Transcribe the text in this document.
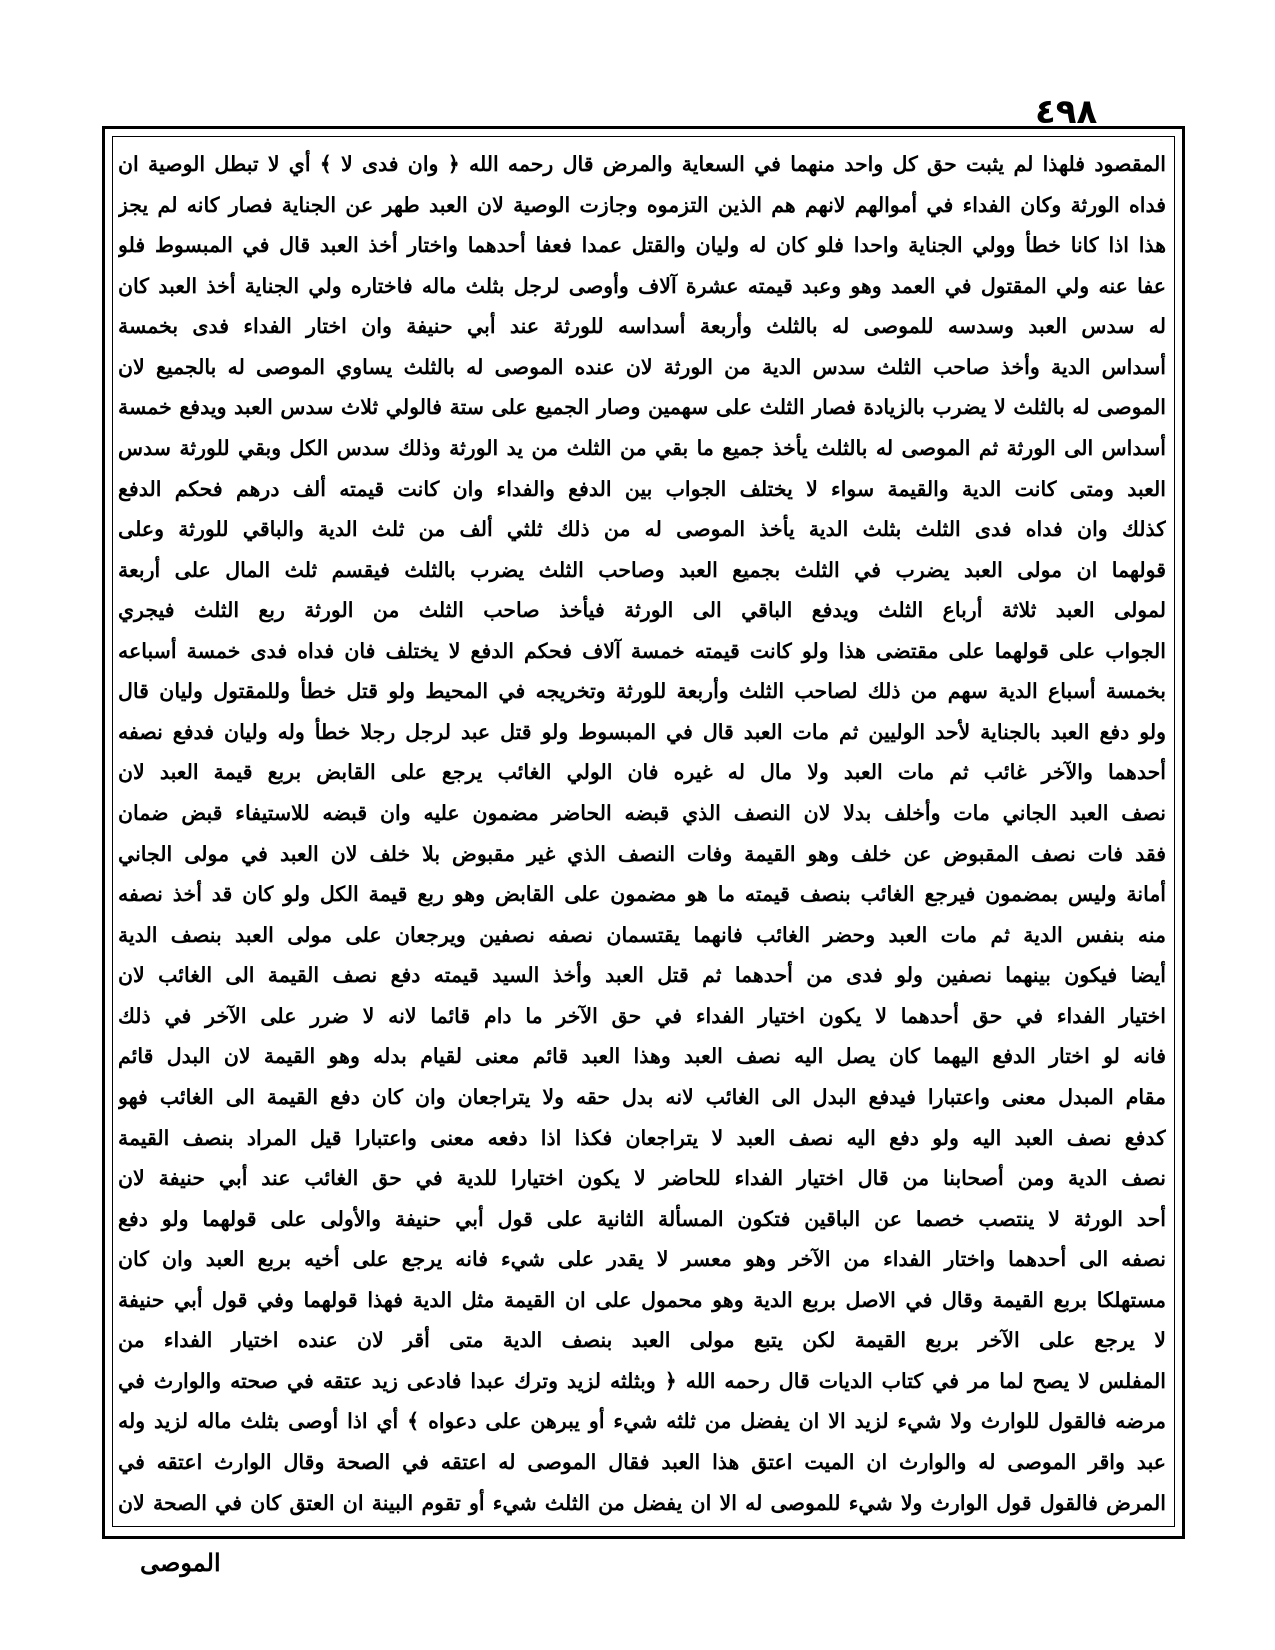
٤٩٨
المقصود فلهذا لم يثبت حق كل واحد منهما في السعاية والمرض قال رحمه الله ﴿ وان فدى لا ﴾ أي لا تبطل الوصية ان
فداه الورثة وكان الفداء في أموالهم لانهم هم الذين التزموه وجازت الوصية لان العبد طهر عن الجناية فصار كانه لم يجز
هذا اذا كانا خطأ وولي الجناية واحدا فلو كان له وليان والقتل عمدا فعفا أحدهما واختار أخذ العبد قال في المبسوط فلو
عفا عنه ولي المقتول في العمد وهو وعبد قيمته عشرة آلاف وأوصى لرجل بثلث ماله فاختاره ولي الجناية أخذ العبد كان
له سدس العبد وسدسه للموصى له بالثلث وأربعة أسداسه للورثة عند أبي حنيفة وان اختار الفداء فدى بخمسة
أسداس الدية وأخذ صاحب الثلث سدس الدية من الورثة لان عنده الموصى له بالثلث يساوي الموصى له بالجميع لان
الموصى له بالثلث لا يضرب بالزيادة فصار الثلث على سهمين وصار الجميع على ستة فالولي ثلاث سدس العبد ويدفع خمسة
أسداس الى الورثة ثم الموصى له بالثلث يأخذ جميع ما بقي من الثلث من يد الورثة وذلك سدس الكل وبقي للورثة سدس
العبد ومتى كانت الدية والقيمة سواء لا يختلف الجواب بين الدفع والفداء وان كانت قيمته ألف درهم فحكم الدفع
كذلك وان فداه فدى الثلث بثلث الدية يأخذ الموصى له من ذلك ثلثي ألف من ثلث الدية والباقي للورثة وعلى
قولهما ان مولى العبد يضرب في الثلث بجميع العبد وصاحب الثلث يضرب بالثلث فيقسم ثلث المال على أربعة
لمولى العبد ثلاثة أرباع الثلث ويدفع الباقي الى الورثة فيأخذ صاحب الثلث من الورثة ربع الثلث فيجري
الجواب على قولهما على مقتضى هذا ولو كانت قيمته خمسة آلاف فحكم الدفع لا يختلف فان فداه فدى خمسة أسباعه
بخمسة أسباع الدية سهم من ذلك لصاحب الثلث وأربعة للورثة وتخريجه في المحيط ولو قتل خطأ وللمقتول وليان قال
ولو دفع العبد بالجناية لأحد الوليين ثم مات العبد قال في المبسوط ولو قتل عبد لرجل رجلا خطأ وله وليان فدفع نصفه
أحدهما والآخر غائب ثم مات العبد ولا مال له غيره فان الولي الغائب يرجع على القابض بربع قيمة العبد لان
نصف العبد الجاني مات وأخلف بدلا لان النصف الذي قبضه الحاضر مضمون عليه وان قبضه للاستيفاء قبض ضمان
فقد فات نصف المقبوض عن خلف وهو القيمة وفات النصف الذي غير مقبوض بلا خلف لان العبد في مولى الجاني
أمانة وليس بمضمون فيرجع الغائب بنصف قيمته ما هو مضمون على القابض وهو ربع قيمة الكل ولو كان قد أخذ نصفه
منه بنفس الدية ثم مات العبد وحضر الغائب فانهما يقتسمان نصفه نصفين ويرجعان على مولى العبد بنصف الدية
أيضا فيكون بينهما نصفين ولو فدى من أحدهما ثم قتل العبد وأخذ السيد قيمته دفع نصف القيمة الى الغائب لان
اختيار الفداء في حق أحدهما لا يكون اختيار الفداء في حق الآخر ما دام قائما لانه لا ضرر على الآخر في ذلك
فانه لو اختار الدفع اليهما كان يصل اليه نصف العبد وهذا العبد قائم معنى لقيام بدله وهو القيمة لان البدل قائم
مقام المبدل معنى واعتبارا فيدفع البدل الى الغائب لانه بدل حقه ولا يتراجعان وان كان دفع القيمة الى الغائب فهو
كدفع نصف العبد اليه ولو دفع اليه نصف العبد لا يتراجعان فكذا اذا دفعه معنى واعتبارا قيل المراد بنصف القيمة
نصف الدية ومن أصحابنا من قال اختيار الفداء للحاضر لا يكون اختيارا للدية في حق الغائب عند أبي حنيفة لان
أحد الورثة لا ينتصب خصما عن الباقين فتكون المسألة الثانية على قول أبي حنيفة والأولى على قولهما ولو دفع
نصفه الى أحدهما واختار الفداء من الآخر وهو معسر لا يقدر على شيء فانه يرجع على أخيه بربع العبد وان كان
مستهلكا بربع القيمة وقال في الاصل بربع الدية وهو محمول على ان القيمة مثل الدية فهذا قولهما وفي قول أبي حنيفة
لا يرجع على الآخر بربع القيمة لكن يتبع مولى العبد بنصف الدية متى أقر لان عنده اختيار الفداء من
المفلس لا يصح لما مر في كتاب الديات قال رحمه الله ﴿ وبثلثه لزيد وترك عبدا فادعى زيد عتقه في صحته والوارث في
مرضه فالقول للوارث ولا شيء لزيد الا ان يفضل من ثلثه شيء أو يبرهن على دعواه ﴾ أي اذا أوصى بثلث ماله لزيد وله
عبد واقر الموصى له والوارث ان الميت اعتق هذا العبد فقال الموصى له اعتقه في الصحة وقال الوارث اعتقه في
المرض فالقول قول الوارث ولا شيء للموصى له الا ان يفضل من الثلث شيء أو تقوم البينة ان العتق كان في الصحة لان
الموصى
